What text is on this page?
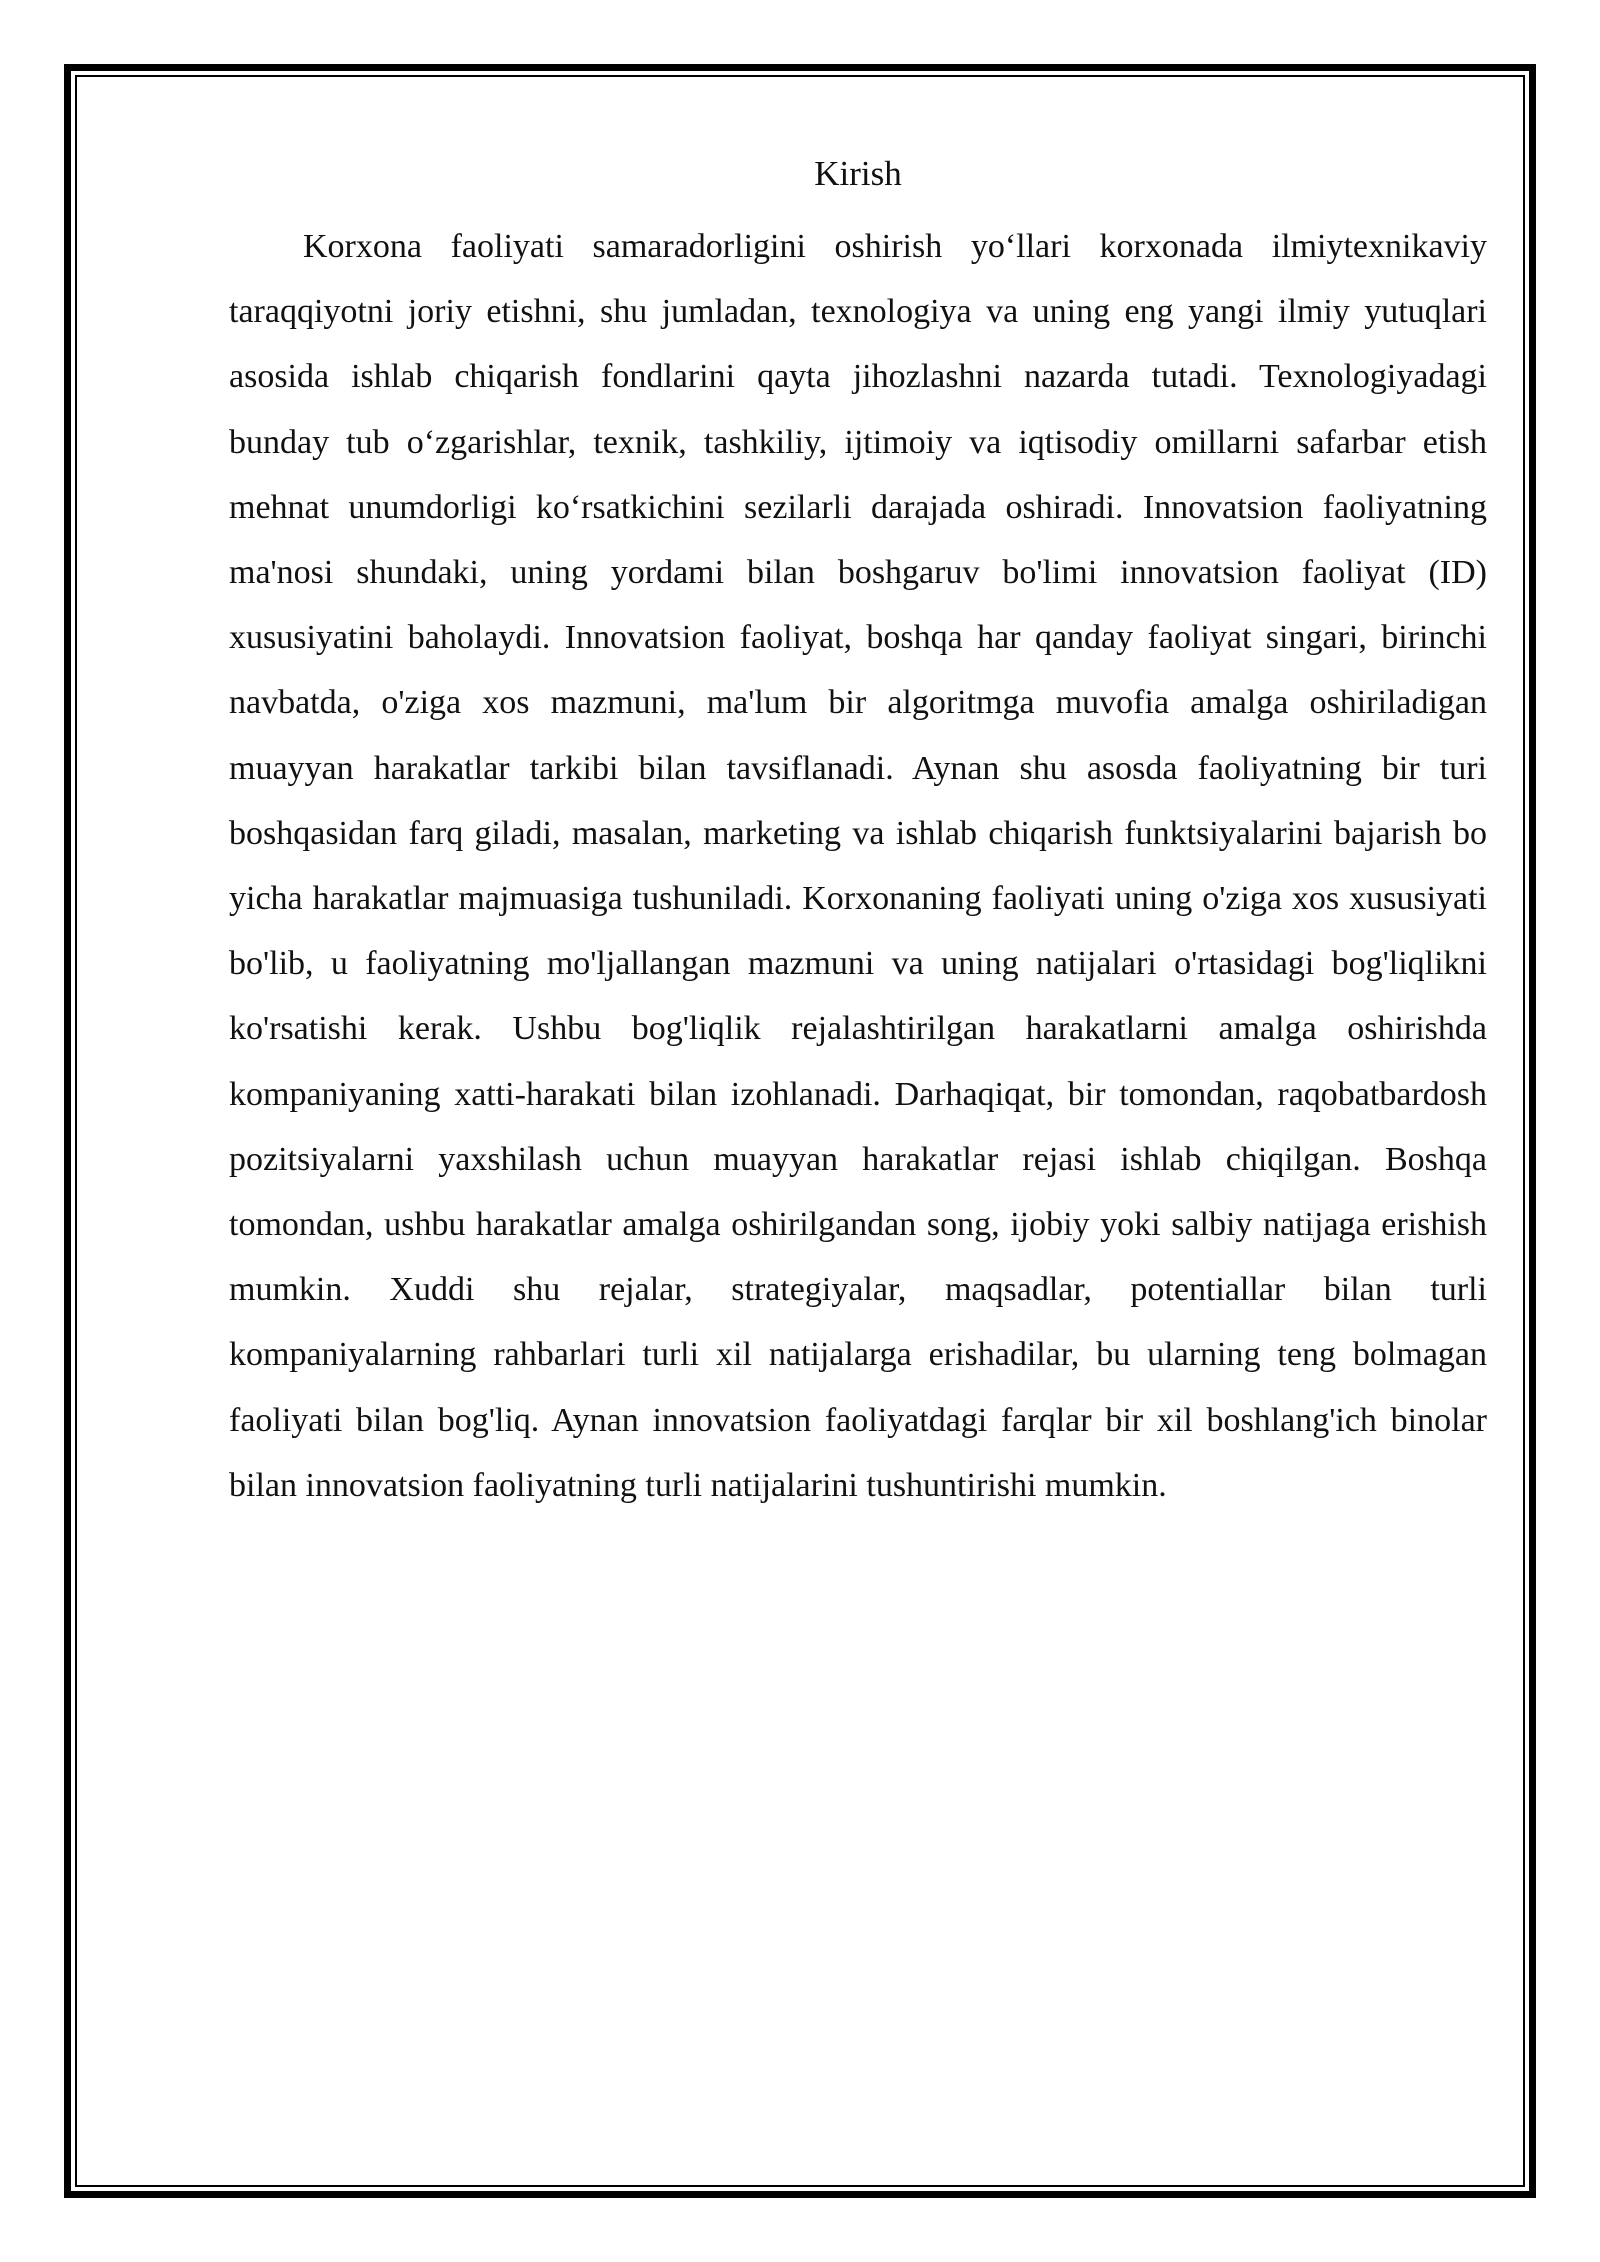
Kirish

Korxona faoliyati samaradorligini oshirish yo‘llari korxonada ilmiytexnikaviy taraqqiyotni joriy etishni, shu jumladan, texnologiya va uning eng yangi ilmiy yutuqlari asosida ishlab chiqarish fondlarini qayta jihozlashni nazarda tutadi. Texnologiyadagi bunday tub o‘zgarishlar, texnik, tashkiliy, ijtimoiy va iqtisodiy omillarni safarbar etish mehnat unumdorligi ko‘rsatkichini sezilarli darajada oshiradi. Innovatsion faoliyatning ma'nosi shundaki, uning yordami bilan boshgaruv bo'limi innovatsion faoliyat (ID) xususiyatini baholaydi. Innovatsion faoliyat, boshqa har qanday faoliyat singari, birinchi navbatda, o'ziga xos mazmuni, ma'lum bir algoritmga muvofia amalga oshiriladigan muayyan harakatlar tarkibi bilan tavsiflanadi. Aynan shu asosda faoliyatning bir turi boshqasidan farq giladi, masalan, marketing va ishlab chiqarish funktsiyalarini bajarish bo yicha harakatlar majmuasiga tushuniladi. Korxonaning faoliyati uning o'ziga xos xususiyati bo'lib, u faoliyatning mo'ljallangan mazmuni va uning natijalari o'rtasidagi bog'liqlikni ko'rsatishi kerak. Ushbu bog'liqlik rejalashtirilgan harakatlarni amalga oshirishda kompaniyaning xatti-harakati bilan izohlanadi. Darhaqiqat, bir tomondan, raqobatbardosh pozitsiyalarni yaxshilash uchun muayyan harakatlar rejasi ishlab chiqilgan. Boshqa tomondan, ushbu harakatlar amalga oshirilgandan song, ijobiy yoki salbiy natijaga erishish mumkin. Xuddi shu rejalar, strategiyalar, maqsadlar, potentiallar bilan turli kompaniyalarning rahbarlari turli xil natijalarga erishadilar, bu ularning teng bolmagan faoliyati bilan bog'liq. Aynan innovatsion faoliyatdagi farqlar bir xil boshlang'ich binolar bilan innovatsion faoliyatning turli natijalarini tushuntirishi mumkin.
